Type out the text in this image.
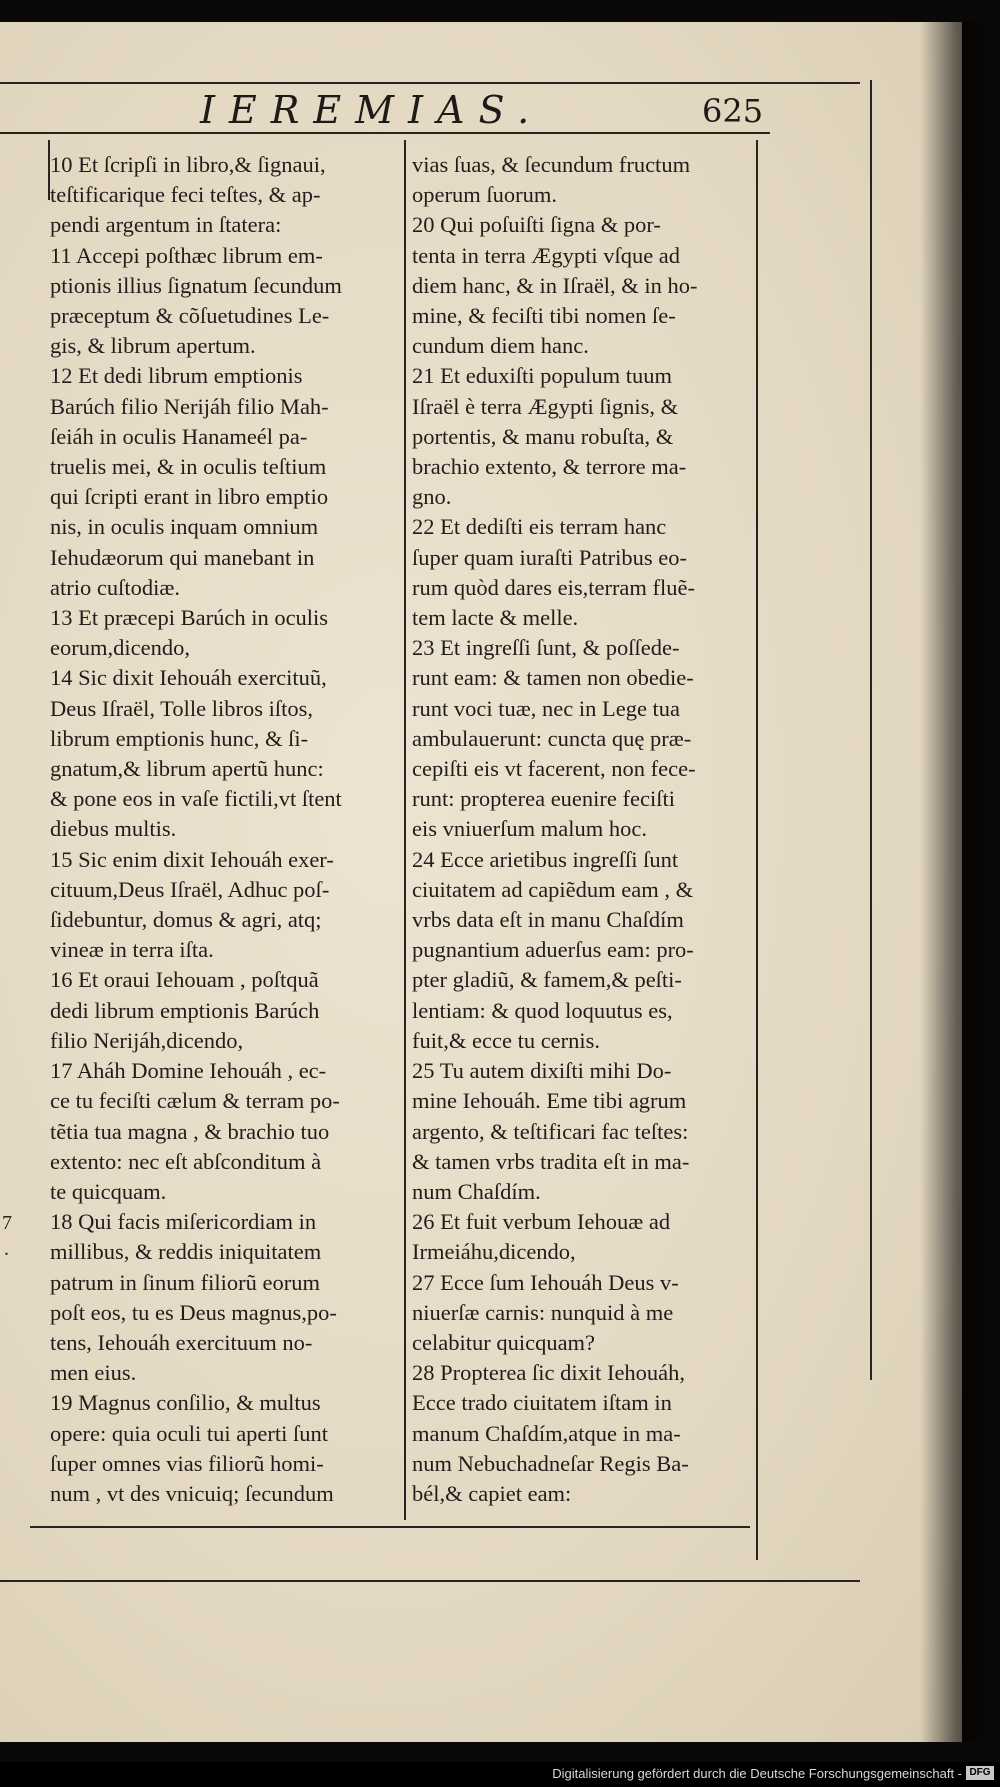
IEREMIAS.	625
7
.
10 Et ſcripſi in libro,& ſignaui,
teſtificarique feci teſtes, & ap-
pendi argentum in ſtatera:
11 Accepi poſthæc librum em-
ptionis illius ſignatum ſecundum
præceptum & cõſuetudines Le-
gis, & librum apertum.
12 Et dedi librum emptionis
Barúch filio Nerijáh filio Mah-
ſeiáh in oculis Hanameél pa-
truelis mei, & in oculis teſtium
qui ſcripti erant in libro emptio
nis, in oculis inquam omnium
Iehudæorum qui manebant in
atrio cuſtodiæ.
13 Et præcepi Barúch in oculis
eorum,dicendo,
14 Sic dixit Iehouáh exercituũ,
Deus Iſraël, Tolle libros iſtos,
librum emptionis hunc, & ſi-
gnatum,& librum apertũ hunc:
& pone eos in vaſe fictili,vt ſtent
diebus multis.
15 Sic enim dixit Iehouáh exer-
cituum,Deus Iſraël, Adhuc poſ-
ſidebuntur, domus & agri, atq;
vineæ in terra iſta.
16 Et oraui Iehouam , poſtquã
dedi librum emptionis Barúch
filio Nerijáh,dicendo,
17 Aháh Domine Iehouáh , ec-
ce tu feciſti cælum & terram po-
tẽtia tua magna , & brachio tuo
extento: nec eſt abſconditum à
te quicquam.
18 Qui facis miſericordiam in
millibus, & reddis iniquitatem
patrum in ſinum filiorũ eorum
poſt eos, tu es Deus magnus,po-
tens, Iehouáh exercituum no-
men eius.
19 Magnus conſilio, & multus
opere: quia oculi tui aperti ſunt
ſuper omnes vias filiorũ homi-
num , vt des vnicuiq; ſecundum
vias ſuas, & ſecundum fructum
operum ſuorum.
20 Qui poſuiſti ſigna & por-
tenta in terra Ægypti vſque ad
diem hanc, & in Iſraël, & in ho-
mine, & feciſti tibi nomen ſe-
cundum diem hanc.
21 Et eduxiſti populum tuum
Iſraël è terra Ægypti ſignis, &
portentis, & manu robuſta, &
brachio extento, & terrore ma-
gno.
22 Et dediſti eis terram hanc
ſuper quam iuraſti Patribus eo-
rum quòd dares eis,terram fluẽ-
tem lacte & melle.
23 Et ingreſſi ſunt, & poſſede-
runt eam: & tamen non obedie-
runt voci tuæ, nec in Lege tua
ambulauerunt: cuncta quę præ-
cepiſti eis vt facerent, non fece-
runt: propterea euenire feciſti
eis vniuerſum malum hoc.
24 Ecce arietibus ingreſſi ſunt
ciuitatem ad capiẽdum eam , &
vrbs data eſt in manu Chaſdím
pugnantium aduerſus eam: pro-
pter gladiũ, & famem,& peſti-
lentiam: & quod loquutus es,
fuit,& ecce tu cernis.
25 Tu autem dixiſti mihi Do-
mine Iehouáh. Eme tibi agrum
argento, & teſtificari fac teſtes:
& tamen vrbs tradita eſt in ma-
num Chaſdím.
26 Et fuit verbum Iehouæ ad
Irmeiáhu,dicendo,
27 Ecce ſum Iehouáh Deus v-
niuerſæ carnis: nunquid à me
celabitur quicquam?
28 Propterea ſic dixit Iehouáh,
Ecce trado ciuitatem iſtam in
manum Chaſdím,atque in ma-
num Nebuchadneſar Regis Ba-
bél,& capiet eam:
Digitalisierung gefördert durch die Deutsche Forschungsgemeinschaft - DFG
